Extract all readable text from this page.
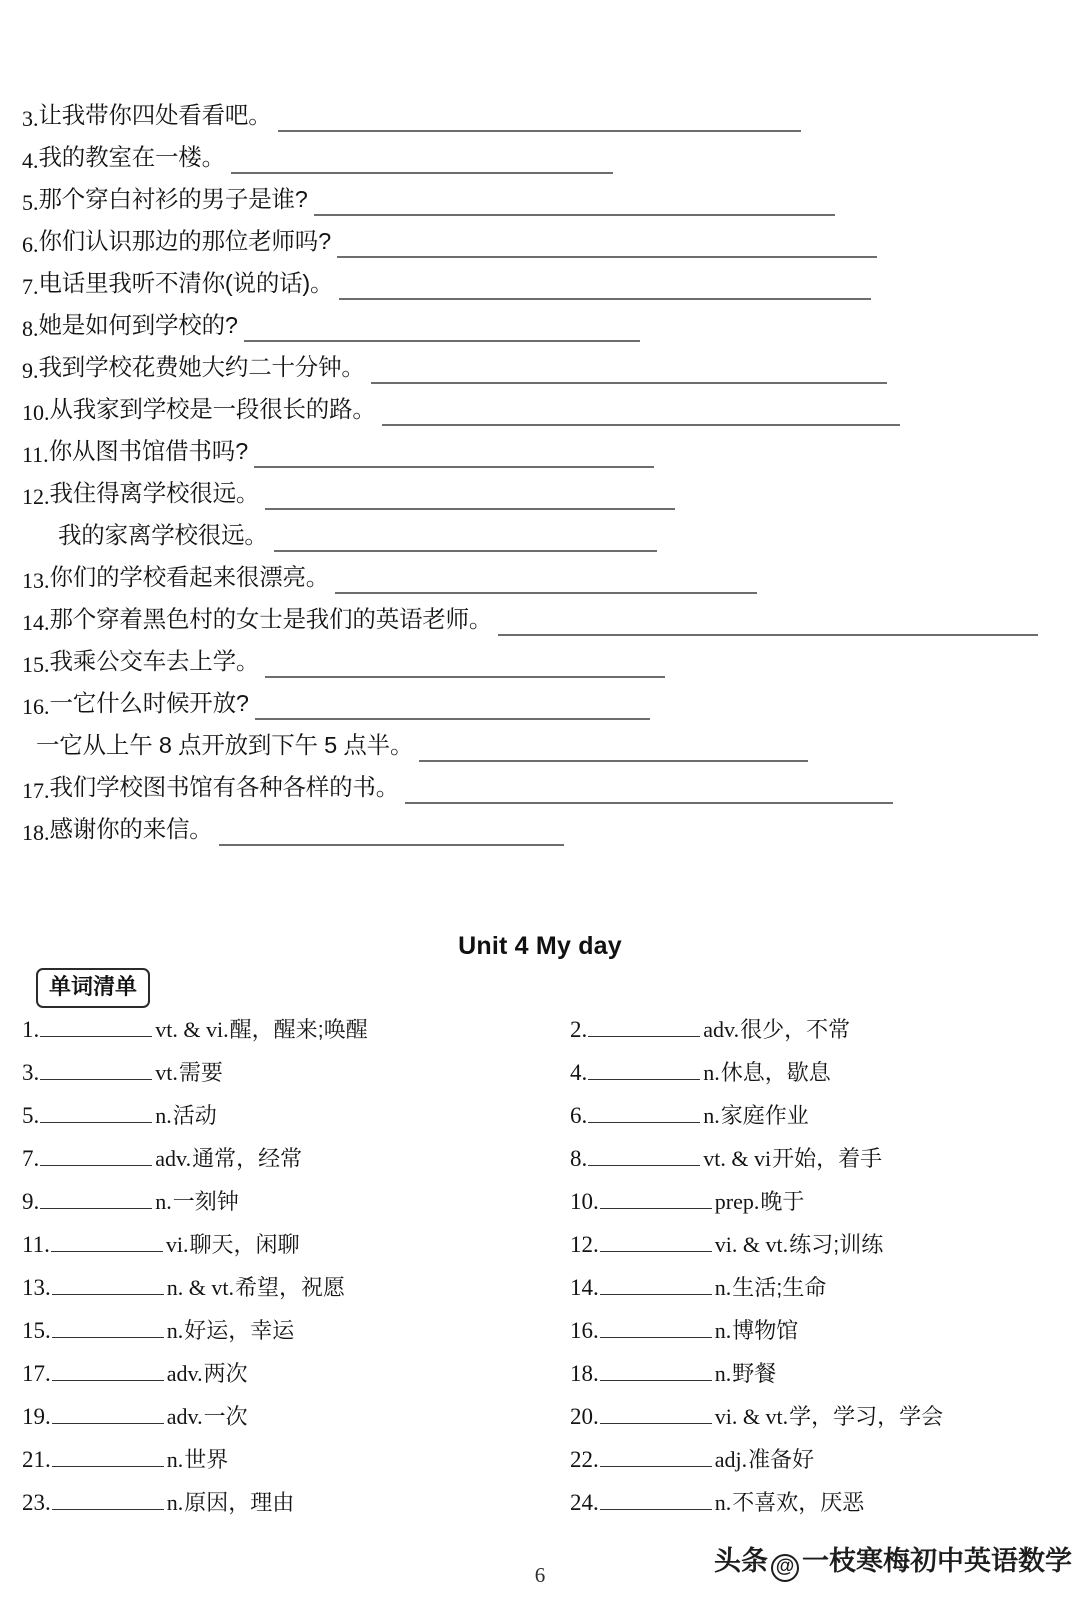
3. 让我带你四处看看吧。
4. 我的教室在一楼。
5. 那个穿白衬衫的男子是谁?
6. 你们认识那边的那位老师吗?
7. 电话里我听不清你(说的话)。
8. 她是如何到学校的?
9. 我到学校花费她大约二十分钟。
10. 从我家到学校是一段很长的路。
11. 你从图书馆借书吗?
12. 我住得离学校很远。
我的家离学校很远。
13. 你们的学校看起来很漂亮。
14. 那个穿着黑色村的女士是我们的英语老师。
15. 我乘公交车去上学。
16. 一它什么时候开放?
一它从上午 8 点开放到下午 5 点半。
17. 我们学校图书馆有各种各样的书。
18. 感谢你的来信。
Unit 4 My day
单词清单
1.	vt. & vi. 醒，醒来;唤醒	2.	adv. 很少，不常
3.	vt. 需要	4.	n. 休息，歇息
5.	n. 活动	6.	n. 家庭作业
7.	adv. 通常，经常	8.	vt. & vi 开始，着手
9.	n. 一刻钟	10.	prep. 晚于
11.	vi. 聊天，闲聊	12.	vi. & vt. 练习;训练
13.	n. & vt. 希望，祝愿	14.	n. 生活;生命
15.	n. 好运，幸运	16.	n. 博物馆
17.	adv. 两次	18.	n. 野餐
19.	adv. 一次	20.	vi. & vt. 学，学习，学会
21.	n. 世界	22.	adj. 准备好
23.	n. 原因，理由	24.	n. 不喜欢，厌恶
6	头条 @ 一枝寒梅初中英语数学
